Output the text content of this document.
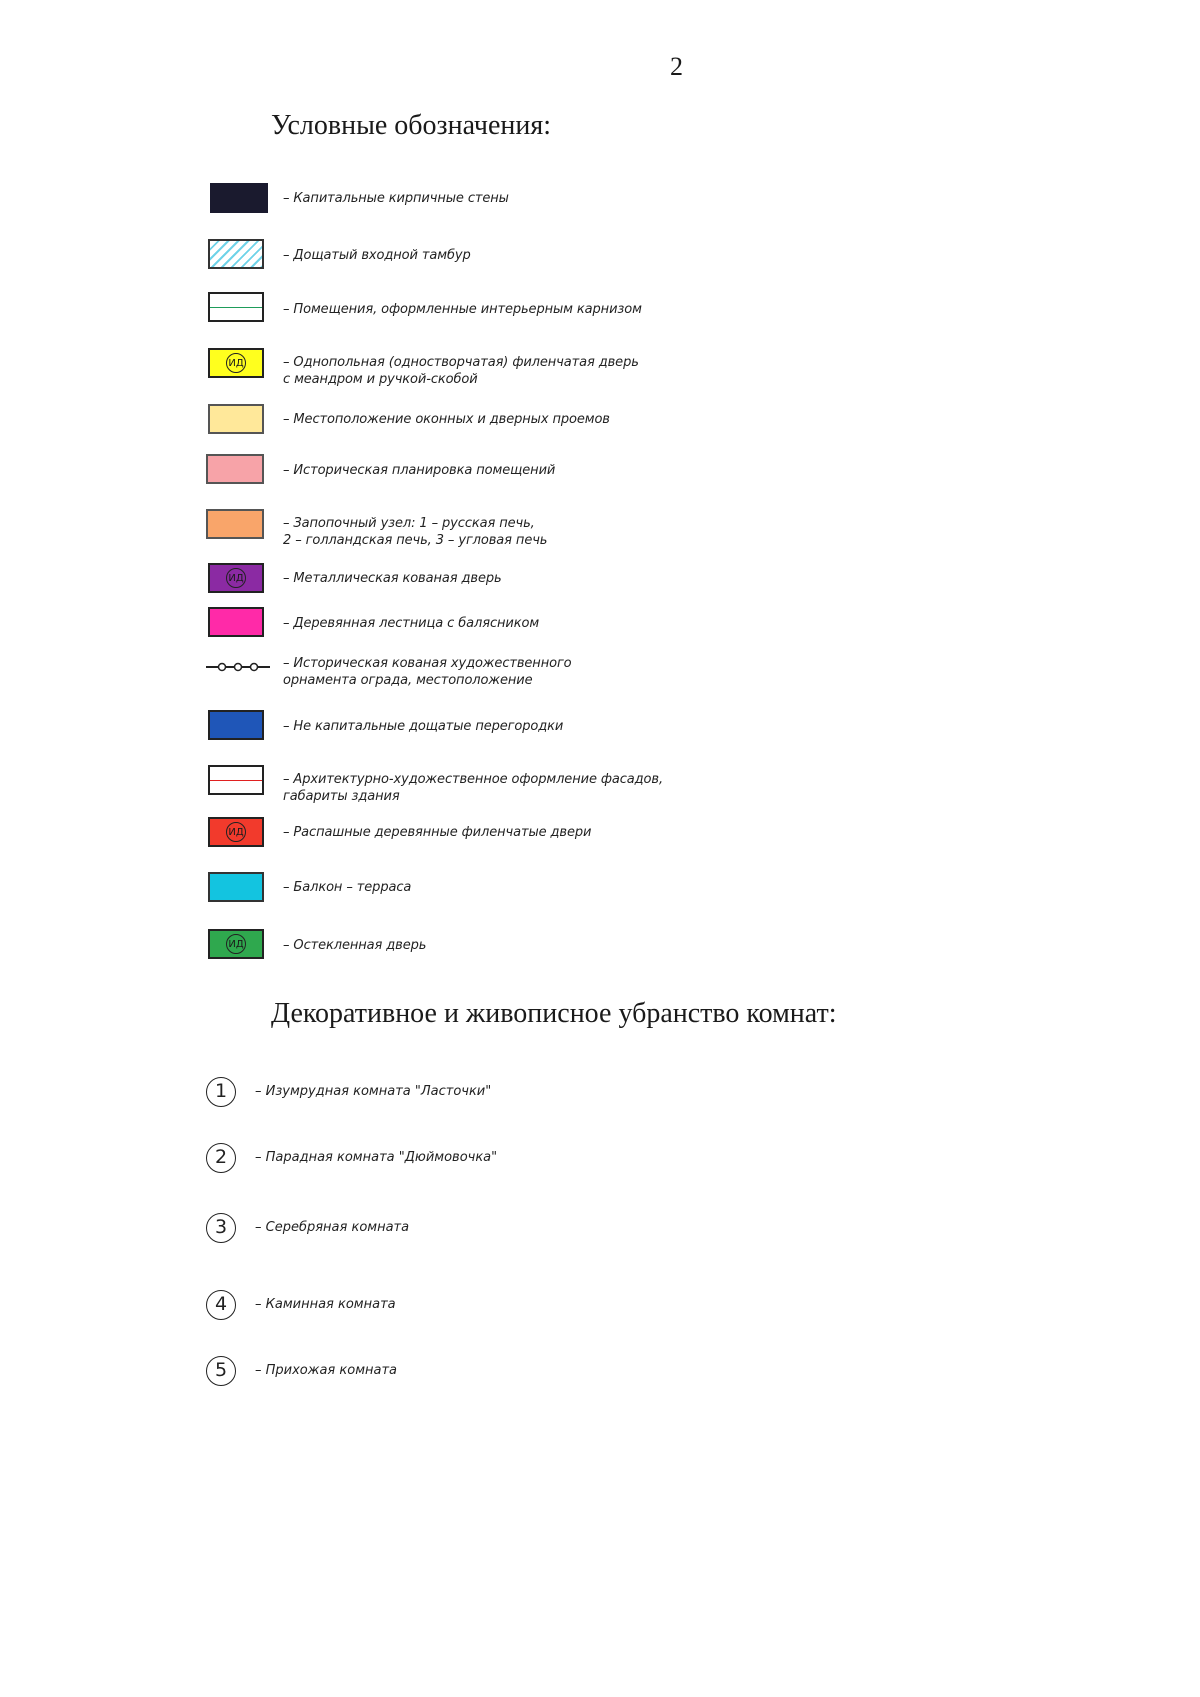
2
Условные обозначения:
Декоративное и живописное убранство комнат:
– Капитальные кирпичные стены
– Дощатый входной тамбур
– Помещения, оформленные интерьерным карнизом
ИД	– Однопольная (одностворчатая) филенчатая дверь
с меандром и ручкой-скобой
– Местоположение оконных и дверных проемов
– Историческая планировка помещений
– Запопочный узел: 1 – русская печь,
2 – голландская печь, 3 – угловая печь
ИД	– Металлическая кованая дверь
– Деревянная лестница с балясником
– Историческая кованая художественного
орнамента ограда, местоположение
– Не капитальные дощатые перегородки
– Архитектурно-художественное оформление фасадов,
габариты здания
ИД	– Распашные деревянные филенчатые двери
– Балкон – терраса
ИД	– Остекленная дверь
1	– Изумрудная комната "Ласточки"
2	– Парадная комната "Дюймовочка"
3	– Серебряная комната
4	– Каминная комната
5	– Прихожая комната
